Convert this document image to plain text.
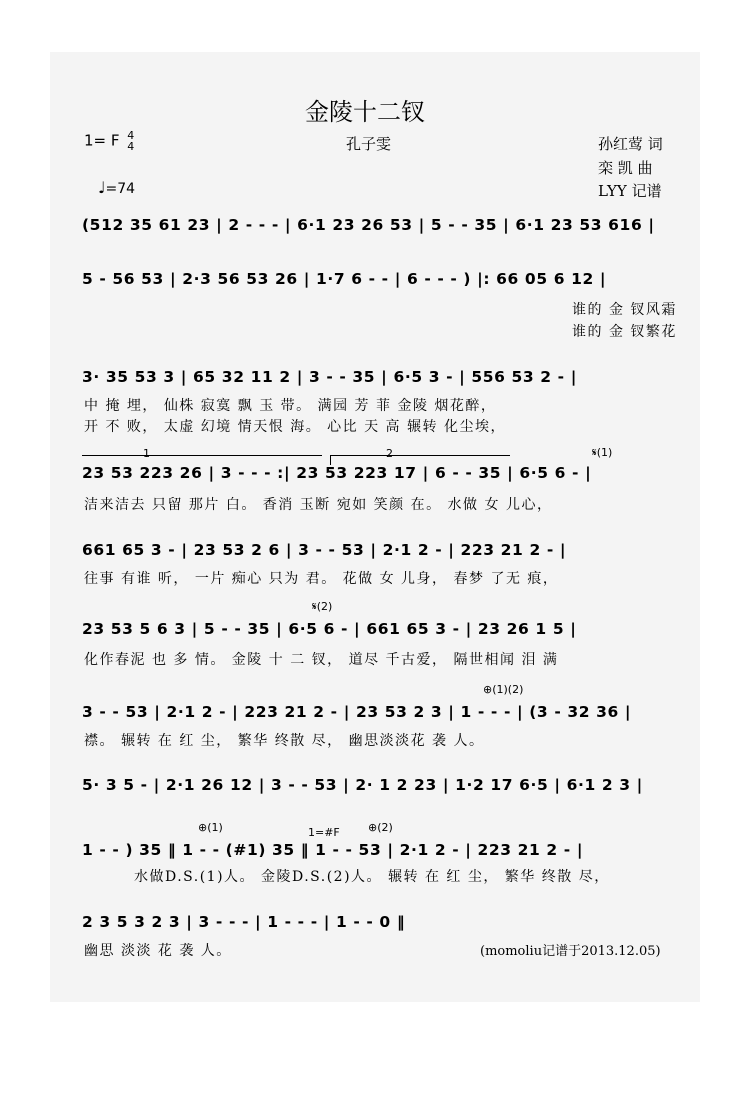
金陵十二钗
1= F 4
4
♩=74
孔子雯	孙红莺 词
栾 凯 曲
LYY 记谱
(512 35 61 23 | 2 - - - | 6·1 23 26 53 | 5 - - 35 | 6·1 23 53 616 |
5 - 56 53 | 2·3 56 53 26 | 1·7 6 - - | 6 - - - ) |: 66 05 6 12 |
谁的 金 钗风霜
谁的 金 钗繁花
3· 35 53 3 | 65 32 11 2 | 3 - - 35 | 6·5 3 - | 556 53 2 - |
中 掩 埋， 仙株 寂寞 飘 玉 带。 满园 芳 菲 金陵 烟花醉，
开 不 败， 太虚 幻境 情天恨 海。 心比 天 高 辗转 化尘埃，
1	2	𝄋(1)
23 53 223 26 | 3 - - - :| 23 53 223 17 | 6 - - 35 | 6·5 6 - |
洁来洁去 只留 那片 白。 香消 玉断 宛如 笑颜 在。 水做 女 儿心，
661 65 3 - | 23 53 2 6 | 3 - - 53 | 2·1 2 - | 223 21 2 - |
往事 有谁 听， 一片 痴心 只为 君。 花做 女 儿身， 春梦 了无 痕，
𝄋(2)
23 53 5 6 3 | 5 - - 35 | 6·5 6 - | 661 65 3 - | 23 26 1 5 |
化作春泥 也 多 情。 金陵 十 二 钗， 道尽 千古爱， 隔世相闻 泪 满
⊕(1)(2)
3 - - 53 | 2·1 2 - | 223 21 2 - | 23 53 2 3 | 1 - - - | (3 - 32 36 |
襟。 辗转 在 红 尘， 繁华 终散 尽， 幽思淡淡花 袭 人。
5· 3 5 - | 2·1 26 12 | 3 - - 53 | 2· 1 2 23 | 1·2 17 6·5 | 6·1 2 3 |
⊕(1)	1=#F	⊕(2)
1 - - ) 35 ‖ 1 - - (#1) 35 ‖ 1 - - 53 | 2·1 2 - | 223 21 2 - |
水做D.S.(1)人。 金陵D.S.(2)人。 辗转 在 红 尘， 繁华 终散 尽，
2 3 5 3 2 3 | 3 - - - | 1 - - - | 1 - - 0 ‖
幽思 淡淡 花 袭 人。	(momoliu记谱于2013.12.05)
